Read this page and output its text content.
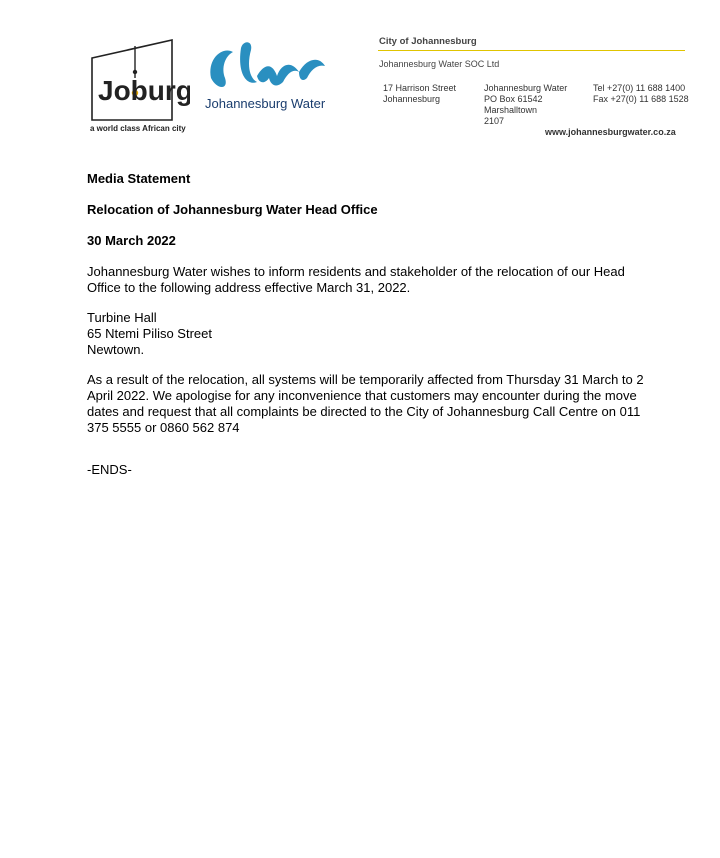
Joburg
a world class African city
Johannesburg Water
City of Johannesburg
Johannesburg Water SOC Ltd
17 Harrison Street
Johannesburg
Johannesburg Water
PO Box 61542
Marshalltown
2107
Tel +27(0) 11 688 1400
Fax +27(0) 11 688 1528
www.johannesburgwater.co.za
Media Statement
Relocation of Johannesburg Water Head Office
30 March 2022
Johannesburg Water wishes to inform residents and stakeholder of the relocation of our Head Office to the following address effective March 31, 2022.
Turbine Hall
65 Ntemi Piliso Street
Newtown.
As a result of the relocation, all systems will be temporarily affected from Thursday 31 March to 2 April 2022. We apologise for any inconvenience that customers may encounter during the move dates and request that all complaints be directed to the City of Johannesburg Call Centre on 011 375 5555 or 0860 562 874
-ENDS-
